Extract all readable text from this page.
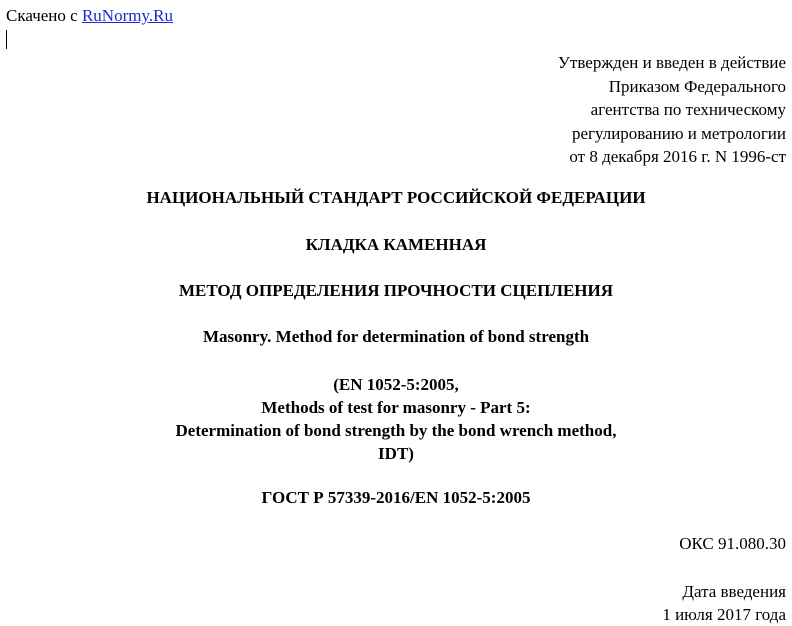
Скачено с RuNormy.Ru
Утвержден и введен в действие
Приказом Федерального
агентства по техническому
регулированию и метрологии
от 8 декабря 2016 г. N 1996-ст
НАЦИОНАЛЬНЫЙ СТАНДАРТ РОССИЙСКОЙ ФЕДЕРАЦИИ
КЛАДКА КАМЕННАЯ
МЕТОД ОПРЕДЕЛЕНИЯ ПРОЧНОСТИ СЦЕПЛЕНИЯ
Masonry. Method for determination of bond strength
(EN 1052-5:2005,
Methods of test for masonry - Part 5:
Determination of bond strength by the bond wrench method,
IDT)
ГОСТ Р 57339-2016/EN 1052-5:2005
ОКС 91.080.30
Дата введения
1 июля 2017 года
